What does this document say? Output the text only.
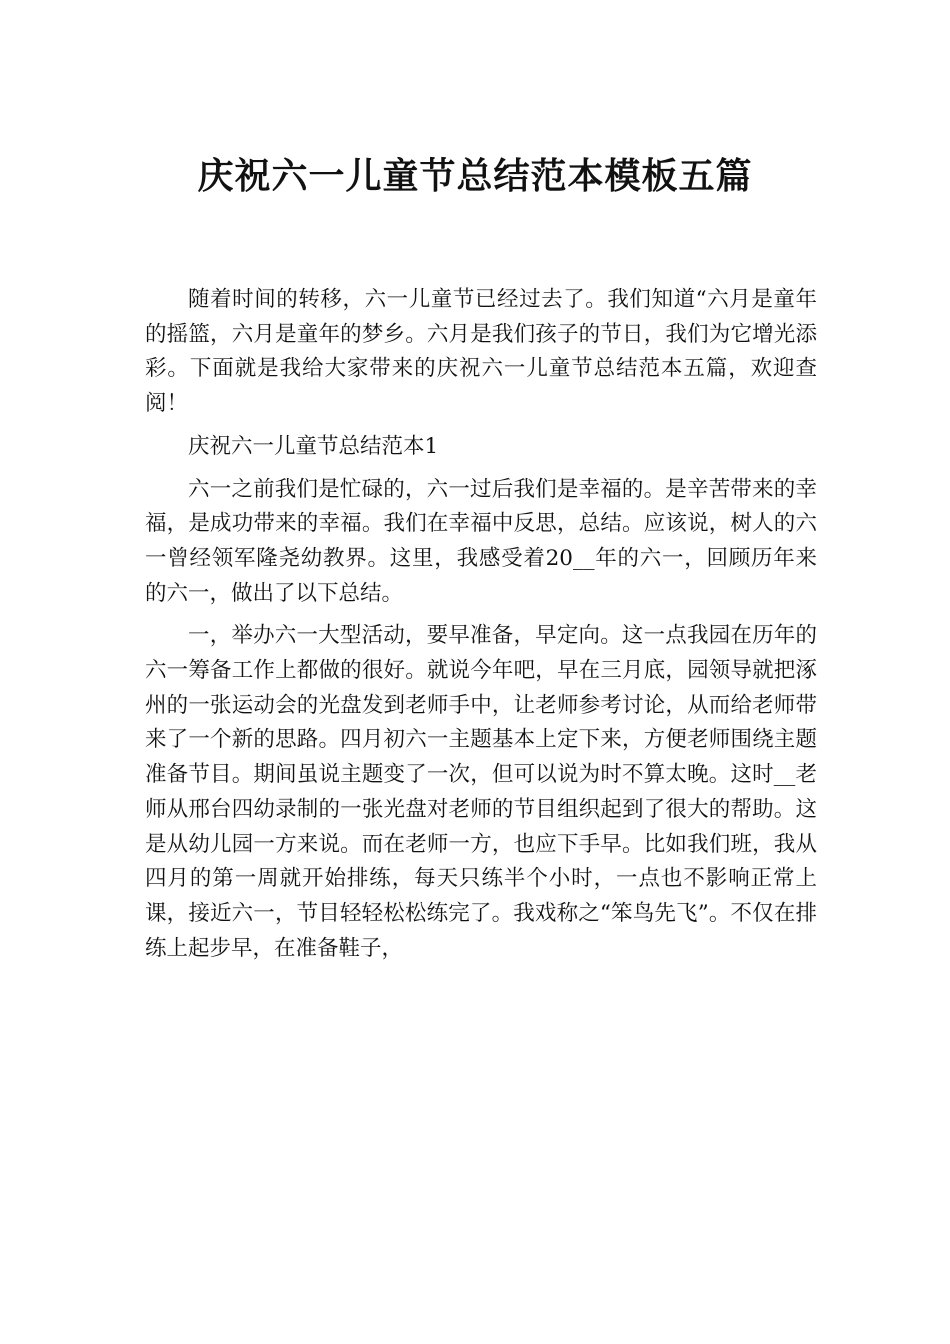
庆祝六一儿童节总结范本模板五篇

随着时间的转移，六一儿童节已经过去了。我们知道“六月是童年的摇篮，六月是童年的梦乡。六月是我们孩子的节日，我们为它增光添彩。下面就是我给大家带来的庆祝六一儿童节总结范本五篇，欢迎查阅！

庆祝六一儿童节总结范本1

六一之前我们是忙碌的，六一过后我们是幸福的。是辛苦带来的幸福，是成功带来的幸福。我们在幸福中反思，总结。应该说，树人的六一曾经领军隆尧幼教界。这里，我感受着20__年的六一，回顾历年来的六一，做出了以下总结。

一，举办六一大型活动，要早准备，早定向。这一点我园在历年的六一筹备工作上都做的很好。就说今年吧，早在三月底，园领导就把涿州的一张运动会的光盘发到老师手中，让老师参考讨论，从而给老师带来了一个新的思路。四月初六一主题基本上定下来，方便老师围绕主题准备节目。期间虽说主题变了一次，但可以说为时不算太晚。这时__老师从邢台四幼录制的一张光盘对老师的节目组织起到了很大的帮助。这是从幼儿园一方来说。而在老师一方，也应下手早。比如我们班，我从四月的第一周就开始排练，每天只练半个小时，一点也不影响正常上课，接近六一，节目轻轻松松练完了。我戏称之“笨鸟先飞”。不仅在排练上起步早，在准备鞋子，
